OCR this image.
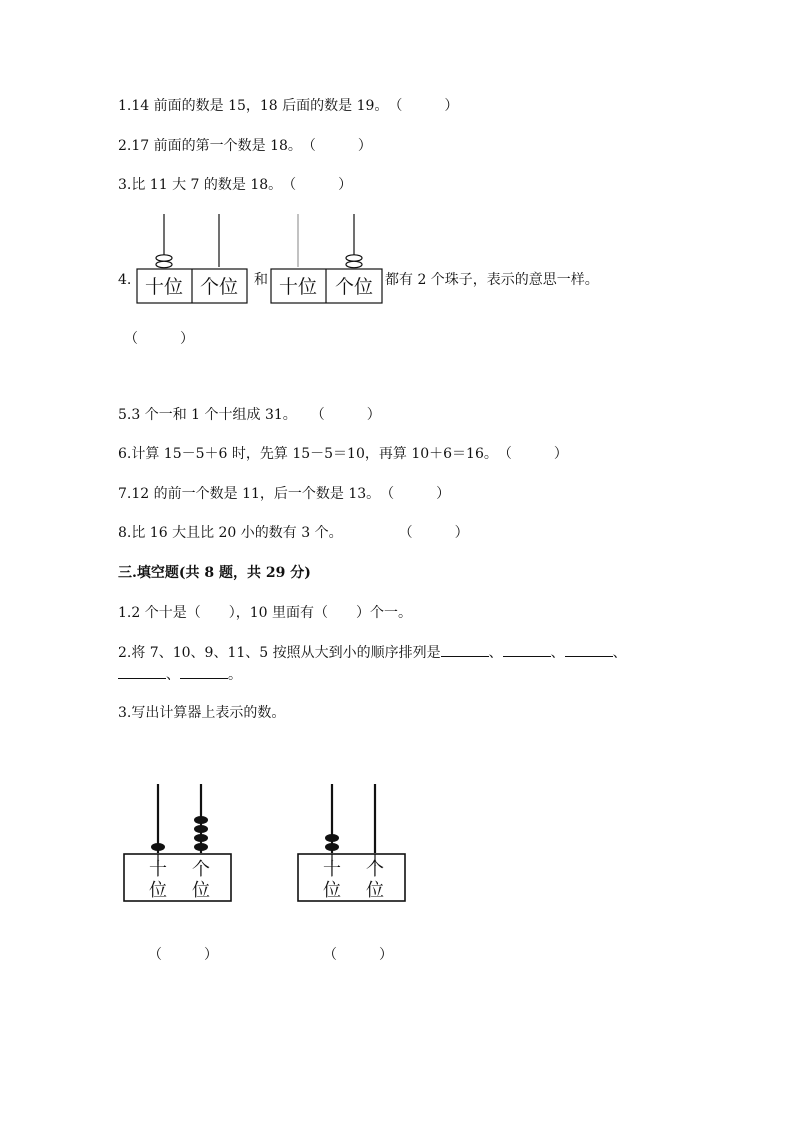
1.14 前面的数是 15，18 后面的数是 19。（　　　）
2.17 前面的第一个数是 18。（　　　）
3.比 11 大 7 的数是 18。（　　　）
4. 十位 个位 和 十位 个位 都有 2 个珠子，表示的意思一样。
（　　　）
5.3 个一和 1 个十组成 31。 （　　　）
6.计算 15－5＋6 时，先算 15－5＝10，再算 10＋6＝16。（　　　）
7.12 的前一个数是 11，后一个数是 13。（　　　）
8.比 16 大且比 20 小的数有 3 个。	（　　　）
三.填空题(共 8 题，共 29 分)
1.2 个十是（　　），10 里面有（　　）个一。
2.将 7、10、9、11、5 按照从大到小的顺序排列是	、	、	、
、	。
3.写出计算器上表示的数。
十
位
个
位
十
位
个
位
（　　　）	（　　　）
